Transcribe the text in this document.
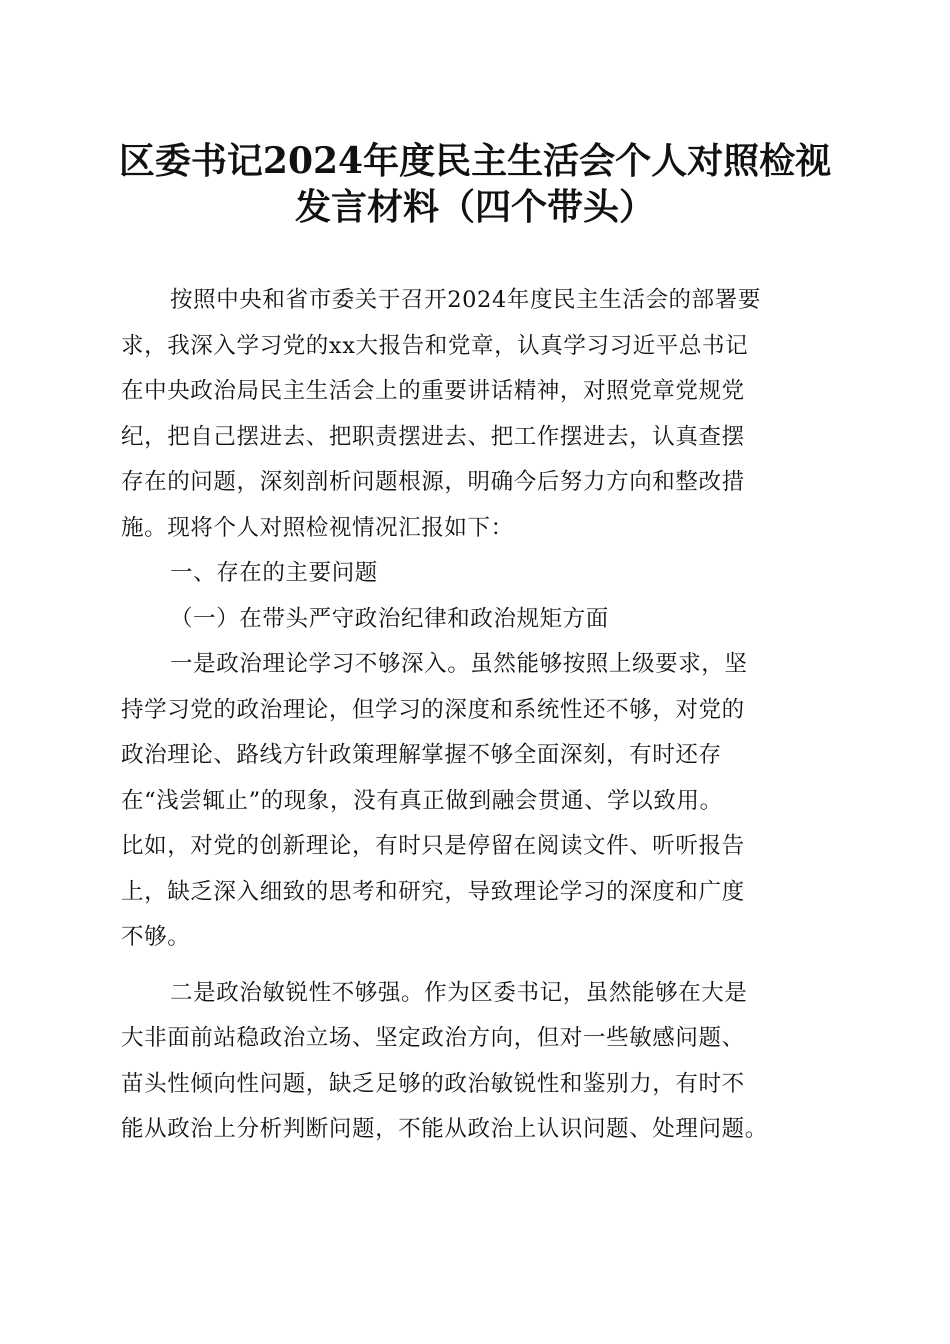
区委书记2024年度民主生活会个人对照检视
发言材料（四个带头）
按照中央和省市委关于召开2024年度民主生活会的部署要
求，我深入学习党的xx大报告和党章，认真学习习近平总书记
在中央政治局民主生活会上的重要讲话精神，对照党章党规党
纪，把自己摆进去、把职责摆进去、把工作摆进去，认真查摆
存在的问题，深刻剖析问题根源，明确今后努力方向和整改措
施。现将个人对照检视情况汇报如下：
一、存在的主要问题
（一）在带头严守政治纪律和政治规矩方面
一是政治理论学习不够深入。虽然能够按照上级要求，坚
持学习党的政治理论，但学习的深度和系统性还不够，对党的
政治理论、路线方针政策理解掌握不够全面深刻，有时还存
在“浅尝辄止”的现象，没有真正做到融会贯通、学以致用。
比如，对党的创新理论，有时只是停留在阅读文件、听听报告
上，缺乏深入细致的思考和研究，导致理论学习的深度和广度
不够。
二是政治敏锐性不够强。作为区委书记，虽然能够在大是
大非面前站稳政治立场、坚定政治方向，但对一些敏感问题、
苗头性倾向性问题，缺乏足够的政治敏锐性和鉴别力，有时不
能从政治上分析判断问题，不能从政治上认识问题、处理问题。
